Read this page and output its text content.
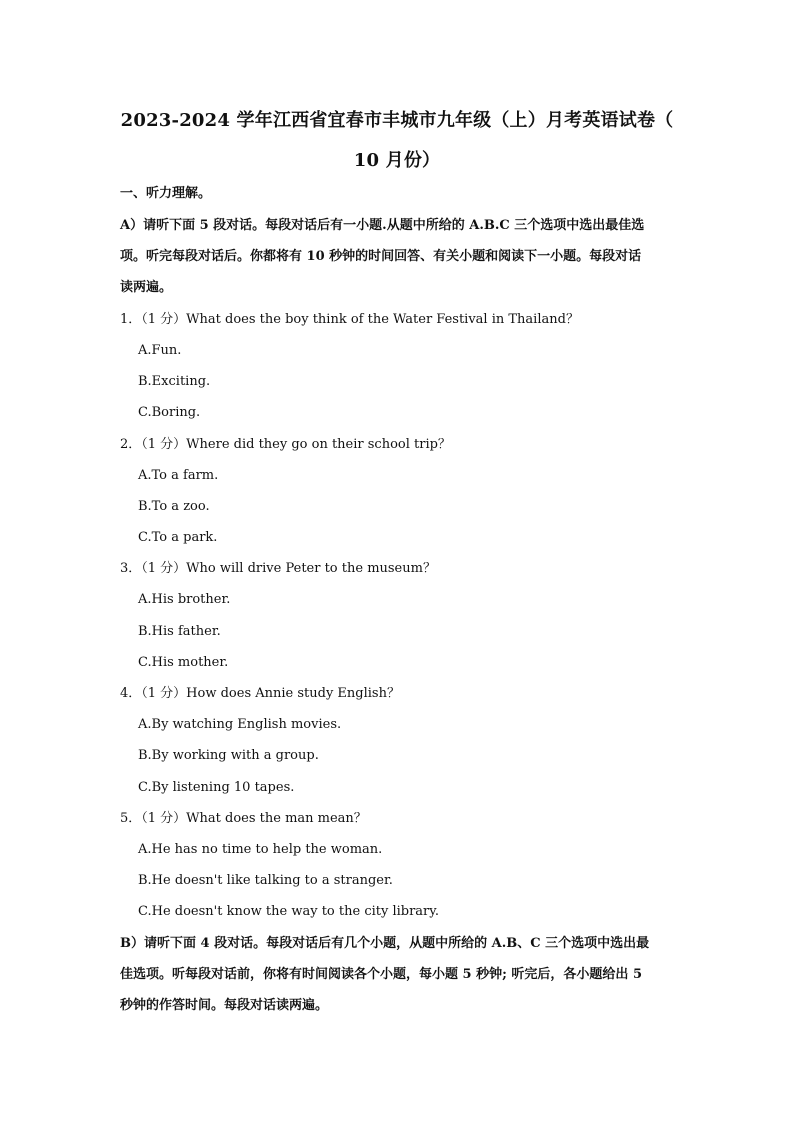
2023-2024 学年江西省宜春市丰城市九年级（上）月考英语试卷（
10 月份）
一、听力理解。
A）请听下面 5 段对话。每段对话后有一小题.从题中所给的 A.B.C 三个选项中选出最佳选
项。听完每段对话后。你都将有 10 秒钟的时间回答、有关小题和阅读下一小题。每段对话
读两遍。
1．（1 分）What does the boy think of the Water Festival in Thailand？
A.Fun.
B.Exciting.
C.Boring.
2．（1 分）Where did they go on their school trip？
A.To a farm.
B.To a zoo.
C.To a park.
3．（1 分）Who will drive Peter to the museum？
A.His brother.
B.His father.
C.His mother.
4．（1 分）How does Annie study English？
A.By watching English movies.
B.By working with a group.
C.By listening 10 tapes.
5．（1 分）What does the man mean？
A.He has no time to help the woman.
B.He doesn't like talking to a stranger.
C.He doesn't know the way to the city library.
B）请听下面 4 段对话。每段对话后有几个小题，从题中所给的 A.B、C 三个选项中选出最
佳选项。听每段对话前，你将有时间阅读各个小题，每小题 5 秒钟; 听完后，各小题给出 5
秒钟的作答时间。每段对话读两遍。
